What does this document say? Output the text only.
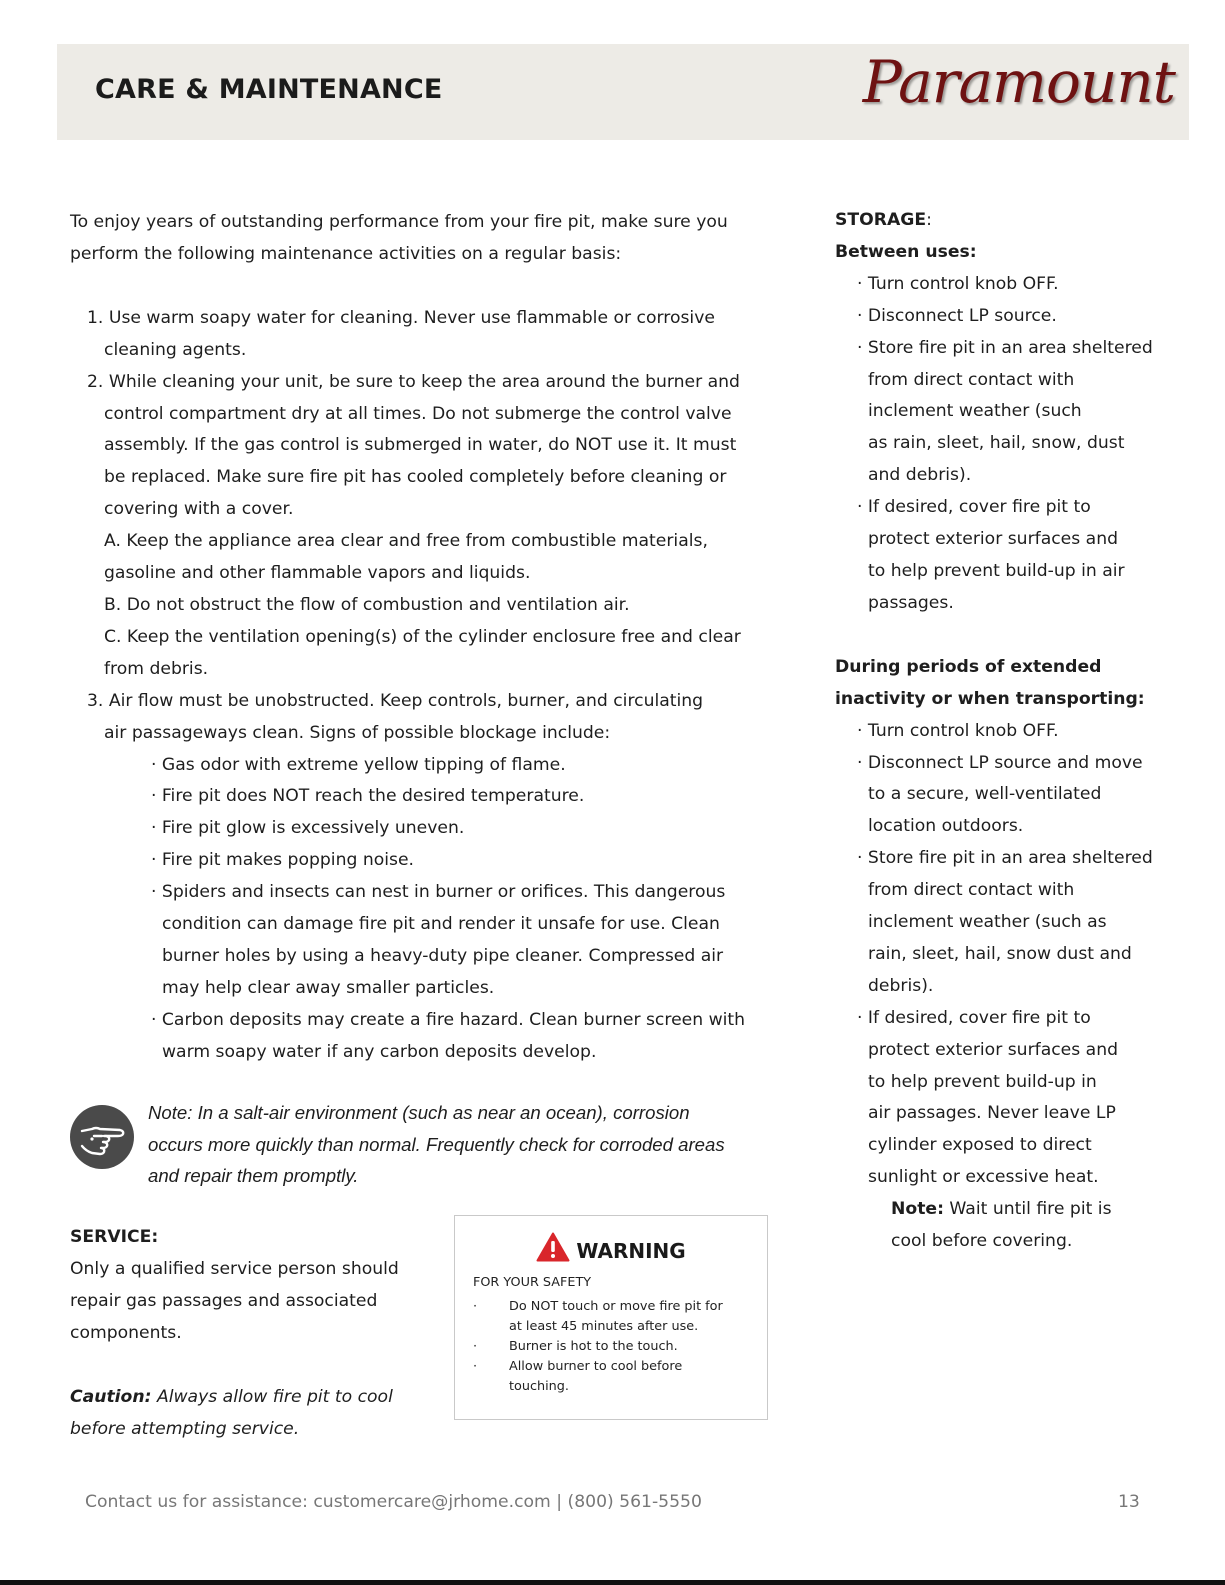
CARE & MAINTENANCE	Paramount

To enjoy years of outstanding performance from your fire pit, make sure you

perform the following maintenance activities on a regular basis:

1. Use warm soapy water for cleaning. Never use flammable or corrosive
cleaning agents.

2. While cleaning your unit, be sure to keep the area around the burner and
control compartment dry at all times. Do not submerge the control valve
assembly. If the gas control is submerged in water, do NOT use it. It must
be replaced. Make sure fire pit has cooled completely before cleaning or
covering with a cover.

A. Keep the appliance area clear and free from combustible materials,
gasoline and other flammable vapors and liquids.

B. Do not obstruct the flow of combustion and ventilation air.

C. Keep the ventilation opening(s) of the cylinder enclosure free and clear
from debris.

3. Air flow must be unobstructed. Keep controls, burner, and circulating
air passageways clean. Signs of possible blockage include:

· Gas odor with extreme yellow tipping of flame.

· Fire pit does NOT reach the desired temperature.

· Fire pit glow is excessively uneven.

· Fire pit makes popping noise.

· Spiders and insects can nest in burner or orifices. This dangerous
condition can damage fire pit and render it unsafe for use. Clean
burner holes by using a heavy-duty pipe cleaner. Compressed air
may help clear away smaller particles.

· Carbon deposits may create a fire hazard. Clean burner screen with
warm soapy water if any carbon deposits develop.

Note: In a salt-air environment (such as near an ocean), corrosion
occurs more quickly than normal. Frequently check for corroded areas
and repair them promptly.

SERVICE:

Only a qualified service person should
repair gas passages and associated
components.

Caution: Always allow fire pit to cool
before attempting service.

WARNING

FOR YOUR SAFETY

· Do NOT touch or move fire pit for
at least 45 minutes after use.
· Burner is hot to the touch.
· Allow burner to cool before
touching.

STORAGE:

Between uses:

· Turn control knob OFF.

· Disconnect LP source.

· Store fire pit in an area sheltered
from direct contact with
inclement weather (such
as rain, sleet, hail, snow, dust
and debris).

· If desired, cover fire pit to
protect exterior surfaces and
to help prevent build-up in air
passages.

During periods of extended
inactivity or when transporting:

· Turn control knob OFF.

· Disconnect LP source and move
to a secure, well-ventilated
location outdoors.

· Store fire pit in an area sheltered
from direct contact with
inclement weather (such as
rain, sleet, hail, snow dust and
debris).

· If desired, cover fire pit to
protect exterior surfaces and
to help prevent build-up in
air passages. Never leave LP
cylinder exposed to direct
sunlight or excessive heat.

Note: Wait until fire pit is
cool before covering.

Contact us for assistance: customercare@jrhome.com | (800) 561-5550	13
